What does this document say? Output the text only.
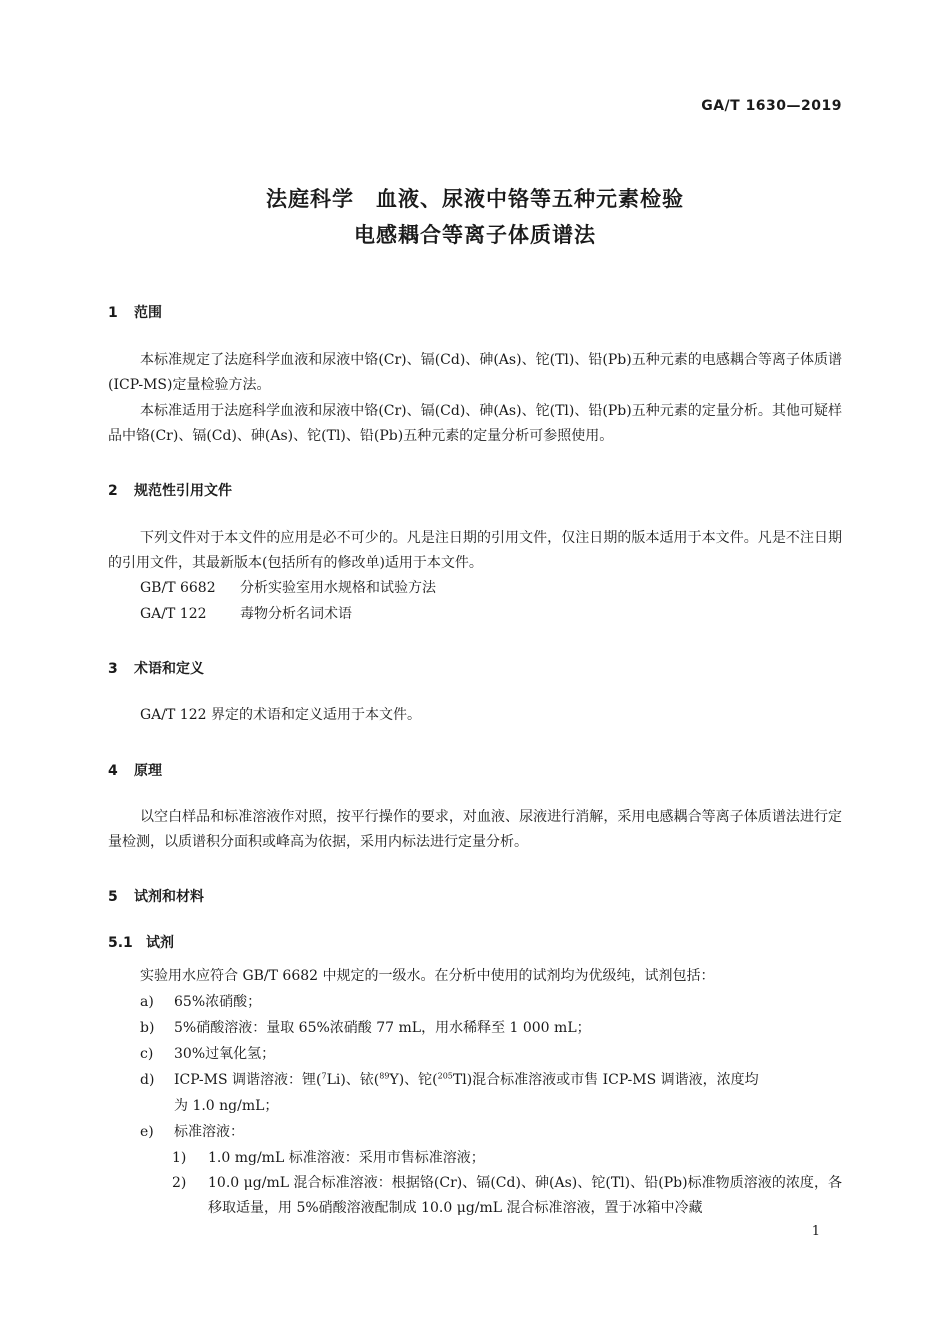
GA/T 1630—2019
法庭科学　血液、尿液中铬等五种元素检验
电感耦合等离子体质谱法
1 范围
本标准规定了法庭科学血液和尿液中铬(Cr)、镉(Cd)、砷(As)、铊(Tl)、铅(Pb)五种元素的电感耦合等离子体质谱(ICP-MS)定量检验方法。
本标准适用于法庭科学血液和尿液中铬(Cr)、镉(Cd)、砷(As)、铊(Tl)、铅(Pb)五种元素的定量分析。其他可疑样品中铬(Cr)、镉(Cd)、砷(As)、铊(Tl)、铅(Pb)五种元素的定量分析可参照使用。
2 规范性引用文件
下列文件对于本文件的应用是必不可少的。凡是注日期的引用文件，仅注日期的版本适用于本文件。凡是不注日期的引用文件，其最新版本(包括所有的修改单)适用于本文件。
GB/T 6682 分析实验室用水规格和试验方法
GA/T 122 毒物分析名词术语
3 术语和定义
GA/T 122 界定的术语和定义适用于本文件。
4 原理
以空白样品和标准溶液作对照，按平行操作的要求，对血液、尿液进行消解，采用电感耦合等离子体质谱法进行定量检测，以质谱积分面积或峰高为依据，采用内标法进行定量分析。
5 试剂和材料
5.1 试剂
实验用水应符合 GB/T 6682 中规定的一级水。在分析中使用的试剂均为优级纯，试剂包括：
a) 65%浓硝酸；
b) 5%硝酸溶液：量取 65%浓硝酸 77 mL，用水稀释至 1 000 mL；
c) 30%过氧化氢；
d) ICP-MS 调谐溶液：锂($^7$Li)、铱($^{89}$Y)、铊($^{205}$Tl)混合标准溶液或市售 ICP-MS 调谐液，浓度均
为 1.0 ng/mL；
e) 标准溶液：
1) 1.0 mg/mL 标准溶液：采用市售标准溶液；
2) 10.0 μg/mL 混合标准溶液：根据铬(Cr)、镉(Cd)、砷(As)、铊(Tl)、铅(Pb)标准物质溶液的浓度，各移取适量，用 5%硝酸溶液配制成 10.0 μg/mL 混合标准溶液，置于冰箱中冷藏
1
